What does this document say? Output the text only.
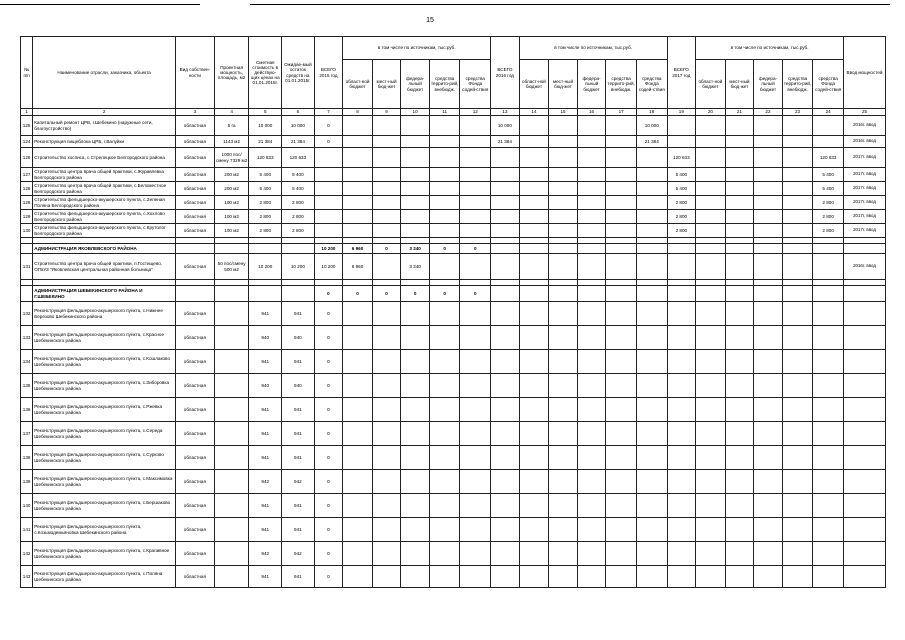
15
№ п/п	Наименование отрасли, заказчика, объекта	Вид собствен-ности	Проектная мощность, площадь, м2	Сметная стоимость в действую-щих ценах на 01.01.2015г.	Ожидае-мый остаток средств на 01.01.2015г.	ВСЕГО 2015 год	в том числе по источникам, тыс.руб.					ВСЕГО 2016 год	в том числе по источникам, тыс.руб.					ВСЕГО 2017 год	в том числе по источникам, тыс.руб.					Ввод мощностей
							област-ной бюджет	мест-ный бюд-жет	федера-льный бюджет	средства террито-рий, внебюдж.	средства Фонда содей-ствия		област-ной бюджет	мест-ный бюд-жет	федера-льный бюджет	средства террито-рий, внебюдж.	средства Фонда содей-ствия		област-ной бюджет	мест-ный бюд-жет	федера-льный бюджет	средства террито-рий, внебюдж.	средства Фонда содей-ствия	
1	2	3	4	5	6	7	8	9	10	11	12	13	14	15	16	17	18	19	20	21	22	23	24	25
125	Капитальный ремонт ЦРБ, г.Шебекино (наружные сети, благоустройство)	областная	5 га	10 000	10 000	0						10 000					10 000							2016г. ввод
124	Реконструкция пищеблока ЦРБ, г.Валуйки	областная	1143 м2	21 384	21 384	0						21 384					21 384							2016г. ввод
126	Строительство хосписа, с.Стрелецкое Белгородского района	областная	1000 пос/смену 7329 м2	120 633	120 633													120 633					120 633	2017г. ввод
127	Строительство центра врача общей практики, с.Журавлевка Белгородского района	областная	200 м2	5 400	5 400													5 400					5 400	2017г. ввод
128	Строительство центра врача общей практики, с.Беломестное Белгородского района	областная	200 м2	5 400	5 400													5 400					5 400	2017г. ввод
128	Строительство фельдшерско-акушерского пункта, с.Зеленая Поляна Белгородского района	областная	100 м2	2 800	2 800													2 800					2 800	2017г. ввод
129	Строительство фельдшерско-акушерского пункта, с.Хохлово Белгородского района	областная	100 м2	2 800	2 800													2 800					2 800	2017г. ввод
130	Строительство фельдшерско-акушерского пункта, с.Крутолог Белгородского района	областная	100 м2	2 800	2 800													2 800					2 800	2017г. ввод

	АДМИНИСТРАЦИЯ ЯКОВЛЕВСКОГО РАЙОНА					10 200	6 960	0	3 240	0	0													
131	Строительство центра врача общей практики, п.Гостищево, ОГБУЗ "Яковлевская центральная районная больница"	областная	50 пос/смену 500 м2	10 200	10 200	10 200	6 960		3 240															2016г. ввод

	АДМИНИСТРАЦИЯ ШЕБЕКИНСКОГО РАЙОНА И Г.ШЕБЕКИНО					0	0	0	0	0	0													
132	Реконструкция фельдшерско-акушерского пункта, с.Нижнее Березово Шебекинского района	областная		941	941	0																		
133	Реконструкция фельдшерско-акушерского пункта, с.Красное Шебекинского района	областная		940	940	0																		
134	Реконструкция фельдшерско-акушерского пункта, с.Кошлаково Шебекинского района	областная		941	941	0																		
135	Реконструкция фельдшерско-акушерского пункта, с.Зиборовка Шебекинского района	областная		940	940	0																		
136	Реконструкция фельдшерско-акушерского пункта, с.Ржевка Шебекинского района	областная		941	941	0																		
137	Реконструкция фельдшерско-акушерского пункта, с.Середа Шебекинского района	областная		941	941	0																		
138	Реконструкция фельдшерско-акушерского пункта, с.Сурково Шебекинского района	областная		941	941	0																		
139	Реконструкция фельдшерско-акушерского пункта, с.Максимовка Шебекинского района	областная		942	942	0																		
140	Реконструкция фельдшерско-акушерского пункта, с.Бершаково Шебекинского района	областная		941	941	0																		
141	Реконструкция фельдшерско-акушерского пункта, с.Козьмодемьяновка Шебекинского района	областная		941	941	0																		
142	Реконструкция фельдшерско-акушерского пункта, с.Крапивное Шебекинского района	областная		942	942	0																		
143	Реконструкция фельдшерско-акушерского пункта, с.Поляна Шебекинского района	областная		941	941	0																		
